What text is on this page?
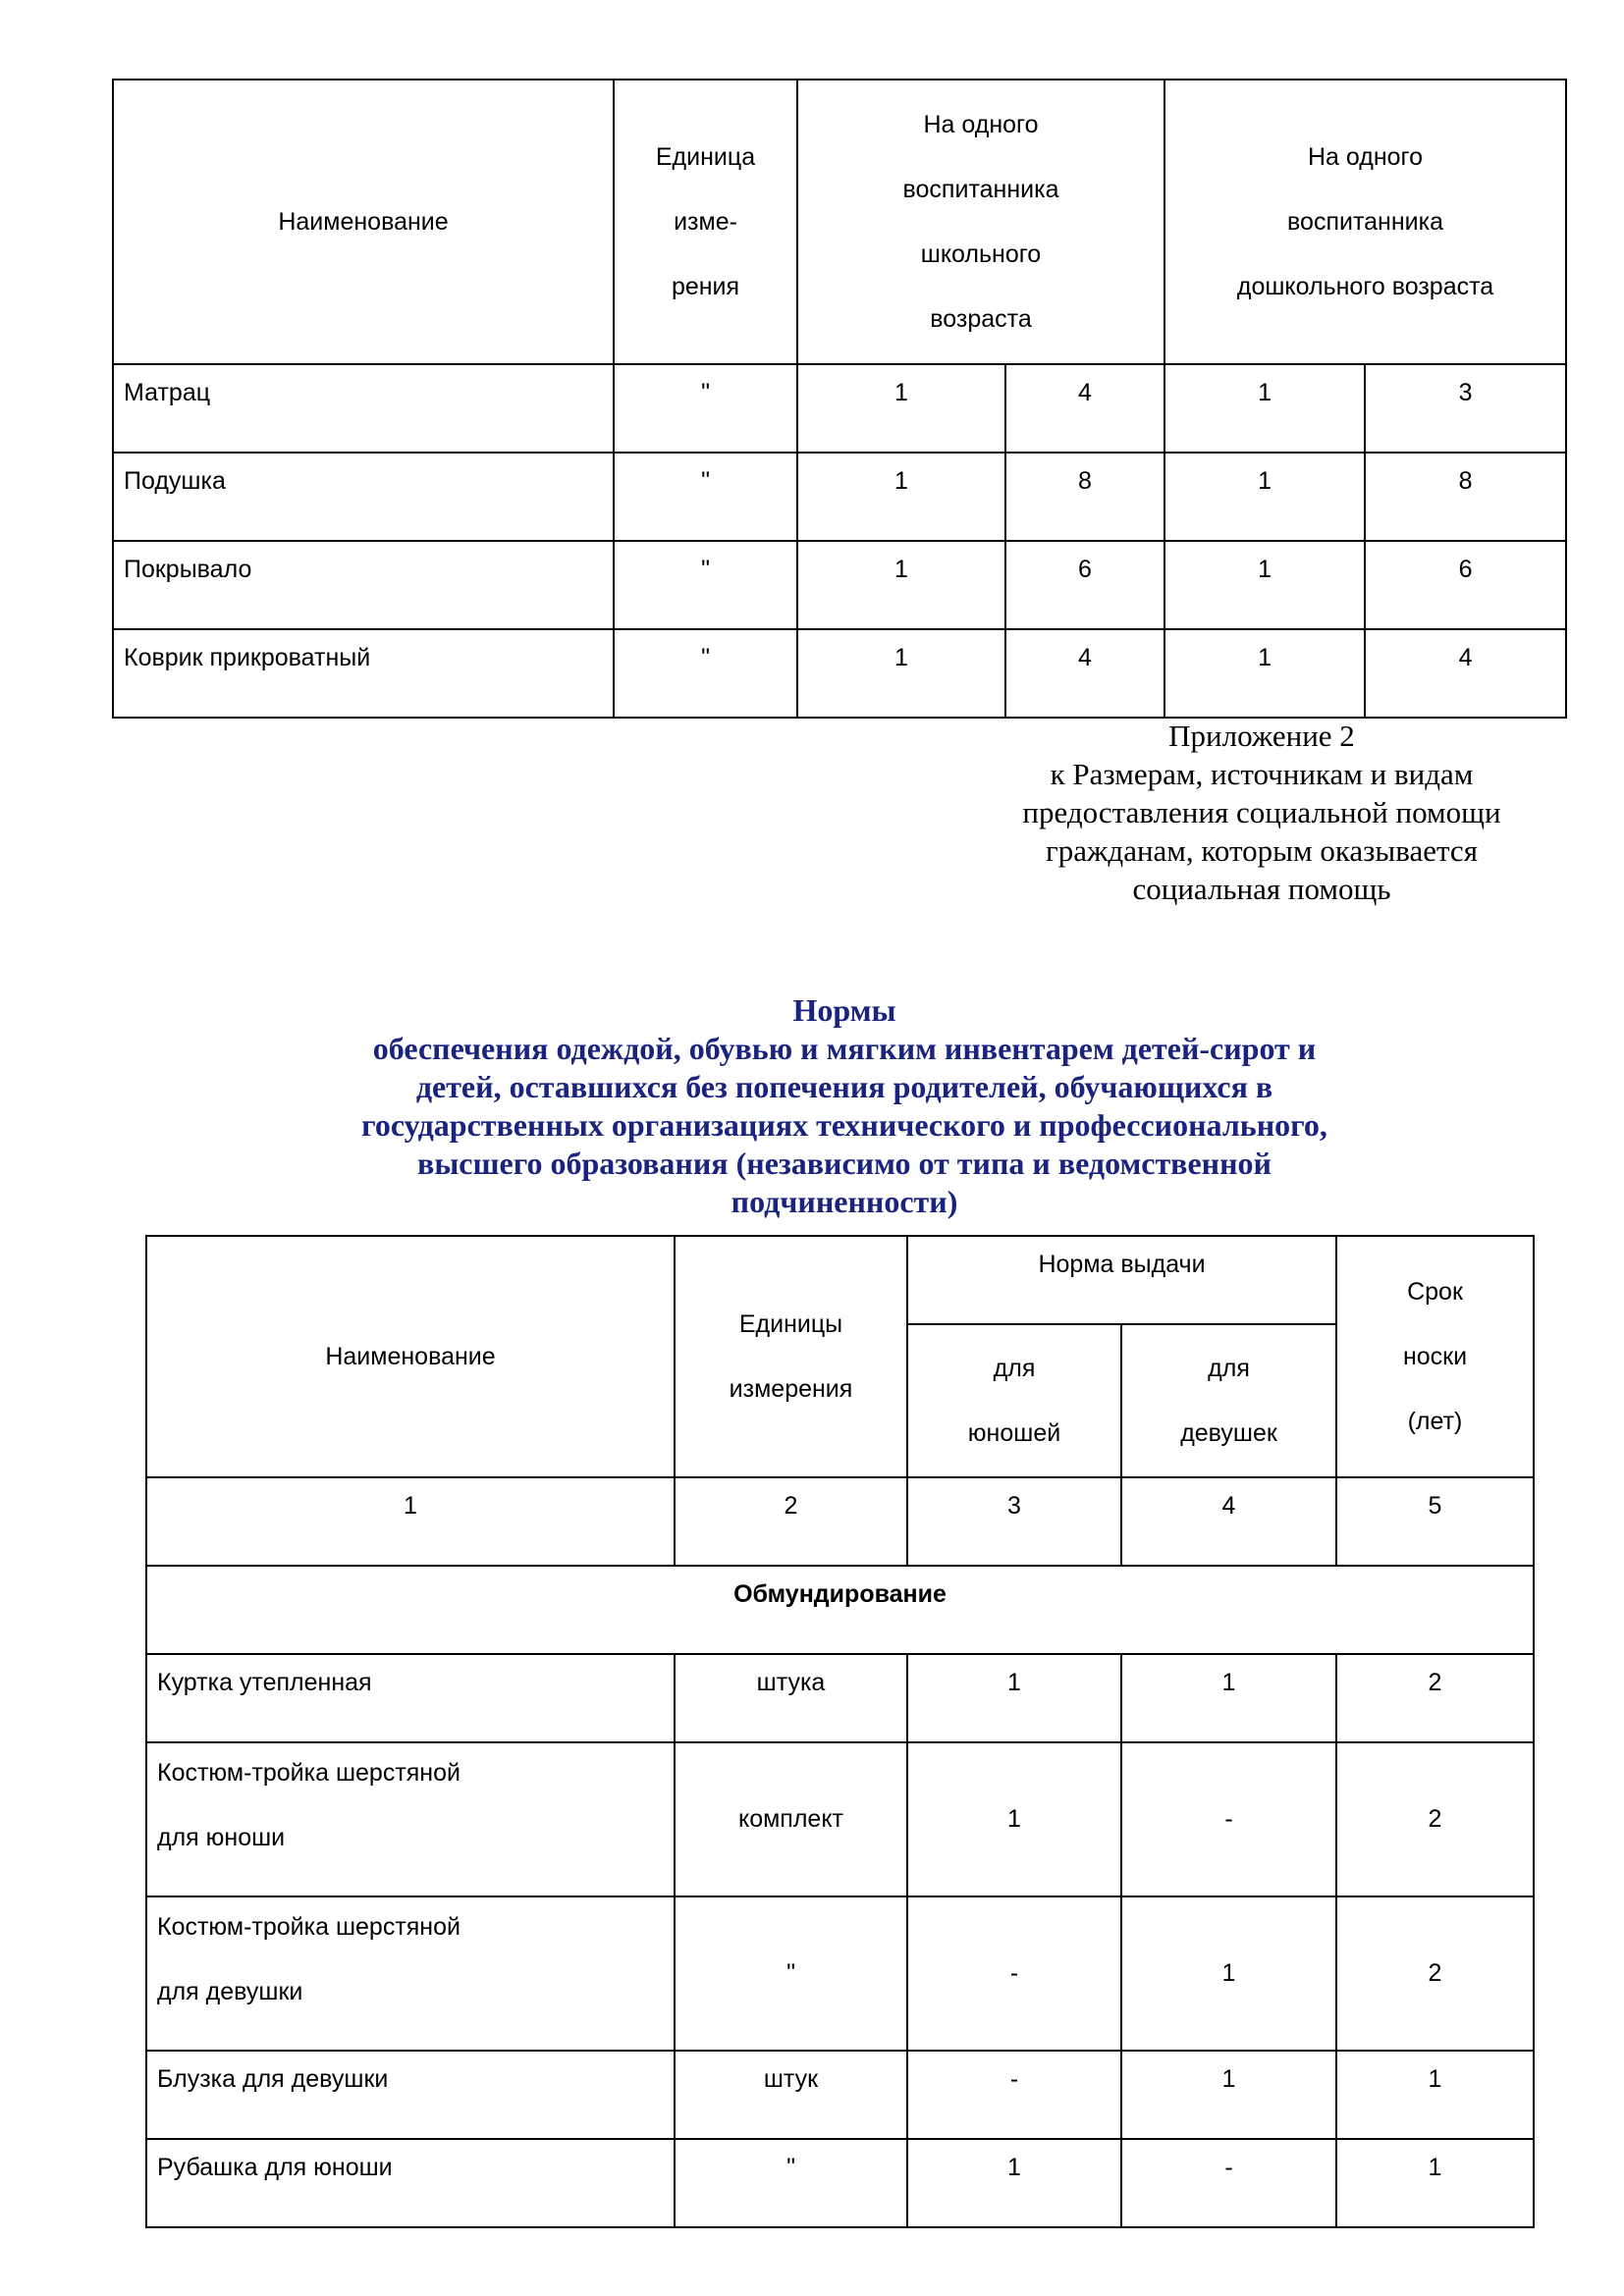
Наименование	Единица
изме-
рения	На одного
воспитанника
школьного
возраста		На одного
воспитанника
дошкольного возраста	

Матрац	"	1	4	1	3
Подушка	"	1	8	1	8
Покрывало	"	1	6	1	6
Коврик прикроватный	"	1	4	1	4
Приложение 2
к Размерам, источникам и видам
предоставления социальной помощи
гражданам, которым оказывается
социальная помощь
Нормы
обеспечения одеждой, обувью и мягким инвентарем детей-сирот и
детей, оставшихся без попечения родителей, обучающихся в
государственных организациях технического и профессионального,
высшего образования (независимо от типа и ведомственной
подчиненности)
Наименование	Единицы
измерения	Норма выдачи		Срок
носки
(лет)

		для
юношей	для
девушек	

1	2	3	4	5
Обмундирование				
Куртка утепленная	штука	1	1	2

Костюм-тройка шерстяной
для юноши	комплект	1	-	2

Костюм-тройка шерстяной
для девушки	"	-	1	2
Блузка для девушки	штук	-	1	1
Рубашка для юноши	"	1	-	1
